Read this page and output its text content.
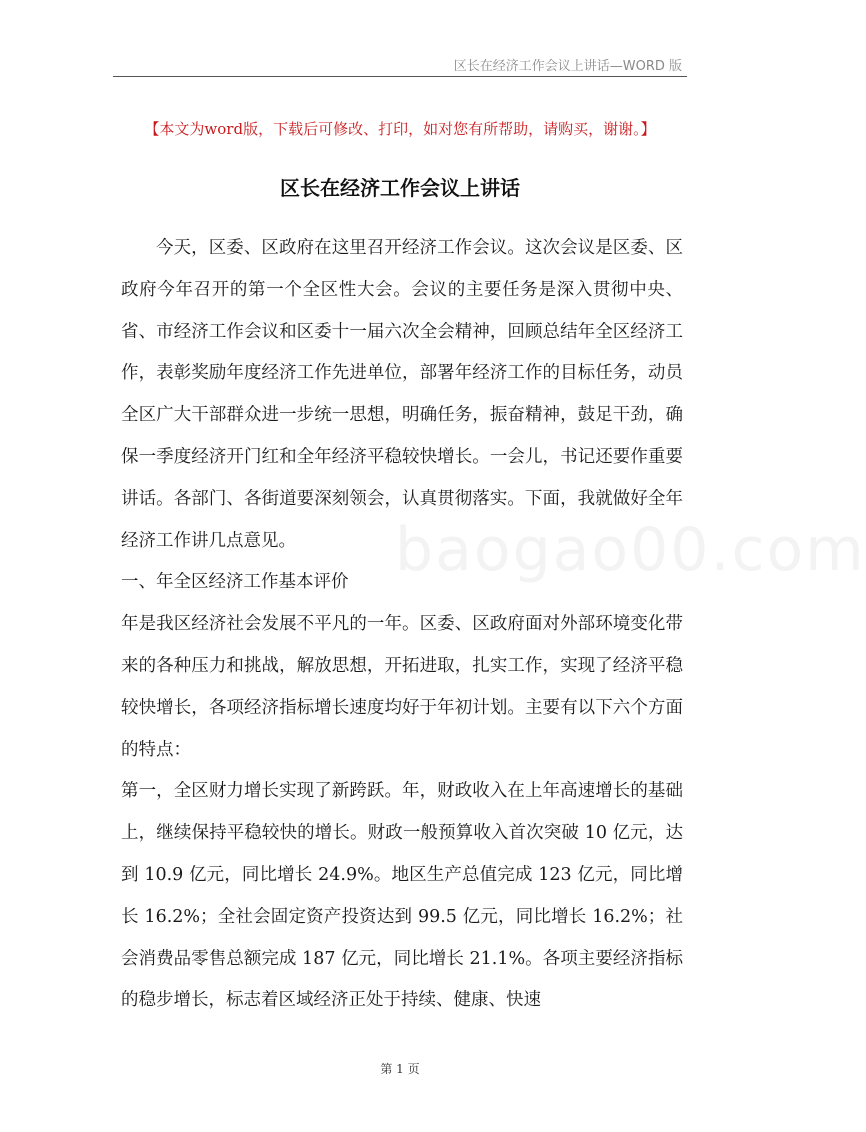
区长在经济工作会议上讲话—WORD 版
【本文为word版，下载后可修改、打印，如对您有所帮助，请购买，谢谢。】
区长在经济工作会议上讲话
baogao00.com

今天，区委、区政府在这里召开经济工作会议。这次会议是区委、区政府今年召开的第一个全区性大会。会议的主要任务是深入贯彻中央、省、市经济工作会议和区委十一届六次全会精神，回顾总结年全区经济工作，表彰奖励年度经济工作先进单位，部署年经济工作的目标任务，动员全区广大干部群众进一步统一思想，明确任务，振奋精神，鼓足干劲，确保一季度经济开门红和全年经济平稳较快增长。一会儿，书记还要作重要讲话。各部门、各街道要深刻领会，认真贯彻落实。下面，我就做好全年经济工作讲几点意见。

一、年全区经济工作基本评价

年是我区经济社会发展不平凡的一年。区委、区政府面对外部环境变化带来的各种压力和挑战，解放思想，开拓进取，扎实工作，实现了经济平稳较快增长，各项经济指标增长速度均好于年初计划。主要有以下六个方面的特点：

第一，全区财力增长实现了新跨跃。年，财政收入在上年高速增长的基础上，继续保持平稳较快的增长。财政一般预算收入首次突破 10 亿元，达到 10.9 亿元，同比增长 24.9%。地区生产总值完成 123 亿元，同比增长 16.2%；全社会固定资产投资达到 99.5 亿元，同比增长 16.2%；社会消费品零售总额完成 187 亿元，同比增长 21.1%。各项主要经济指标的稳步增长，标志着区域经济正处于持续、健康、快速

第 1 页
